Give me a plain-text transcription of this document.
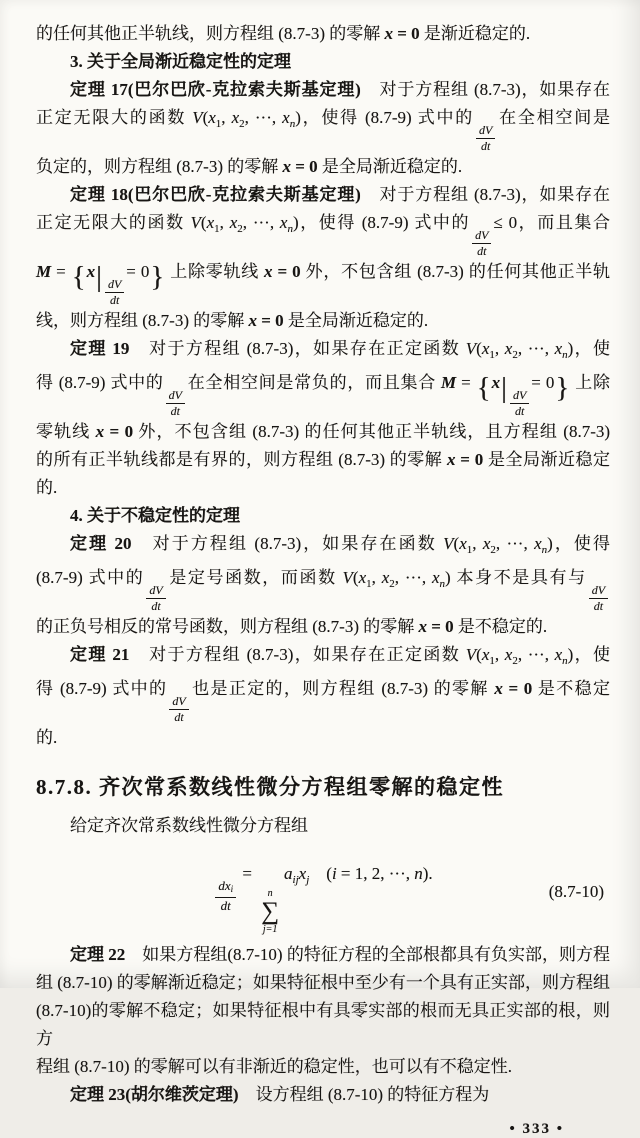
的任何其他正半轨线，则方程组 (8.7-3) 的零解 x = 0 是渐近稳定的.
3. 关于全局渐近稳定性的定理
定理 17(巴尔巴欣-克拉索夫斯基定理)　对于方程组 (8.7-3)，如果存在
正定无限大的函数 $V(x_1$, $x_2$, ···, $x_n$)，使得 (8.7-9) 式中的
$\frac{dV}{dt}$
在全相空间是
负定的，则方程组 (8.7-3) 的零解 x = 0 是全局渐近稳定的.
定理 18(巴尔巴欣-克拉索夫斯基定理)　对于方程组 (8.7-3)，如果存在
正定无限大的函数 $V(x_1$, $x_2$, ···, $x_n$)，使得 (8.7-9) 式中的
$\frac{dV}{dt}$
≤ 0，而且集合
$M = \{x| \frac{dV}{dt}$
= 0} 上除零轨线 x = 0 外，不包含组 (8.7-3) 的任何其他正半轨
线，则方程组 (8.7-3) 的零解 x = 0 是全局渐近稳定的.
定理 19　对于方程组 (8.7-3)，如果存在正定函数 $V(x_1$, $x_2$, ···, $x_n$)，使
得 (8.7-9) 式中的
$\frac{dV}{dt}$
在全相空间是常负的，而且集合 $M = \{x| \frac{dV}{dt}$
= 0} 上除
零轨线 x = 0 外，不包含组 (8.7-3) 的任何其他正半轨线，且方程组 (8.7-3)
的所有正半轨线都是有界的，则方程组 (8.7-3) 的零解 x = 0 是全局渐近稳定
的.
4. 关于不稳定性的定理
定理 20　对于方程组 (8.7-3)，如果存在函数 $V(x_1$, $x_2$, ···, $x_n$)，使得
(8.7-9) 式中的
$\frac{dV}{dt}$
是定号函数，而函数 $V(x_1$, $x_2$, ···, $x_n$) 本身不是具有与
$\frac{dV}{dt}$
的正负号相反的常号函数，则方程组 (8.7-3) 的零解 x = 0 是不稳定的.
定理 21　对于方程组 (8.7-3)，如果存在正定函数 $V(x_1$, $x_2$, ···, $x_n$)，使
得 (8.7-9) 式中的
$\frac{dV}{dt}$
也是正定的，则方程组 (8.7-3) 的零解 x = 0 是不稳定
的.
8.7.8. 齐次常系数线性微分方程组零解的稳定性
给定齐次常系数线性微分方程组
$\frac{\text{dxi}}{dt}$
=
n
∑
j=1
$a_{ij}x_j$　(i = 1, 2, ···, n).
(8.7-10)
定理 22　如果方程组(8.7-10) 的特征方程的全部根都具有负实部，则方程
组 (8.7-10) 的零解渐近稳定；如果特征根中至少有一个具有正实部，则方程组
(8.7-10)的零解不稳定；如果特征根中有具零实部的根而无具正实部的根，则方
程组 (8.7-10) 的零解可以有非渐近的稳定性，也可以有不稳定性.
定理 23(胡尔维茨定理)　设方程组 (8.7-10) 的特征方程为
• 333 •
